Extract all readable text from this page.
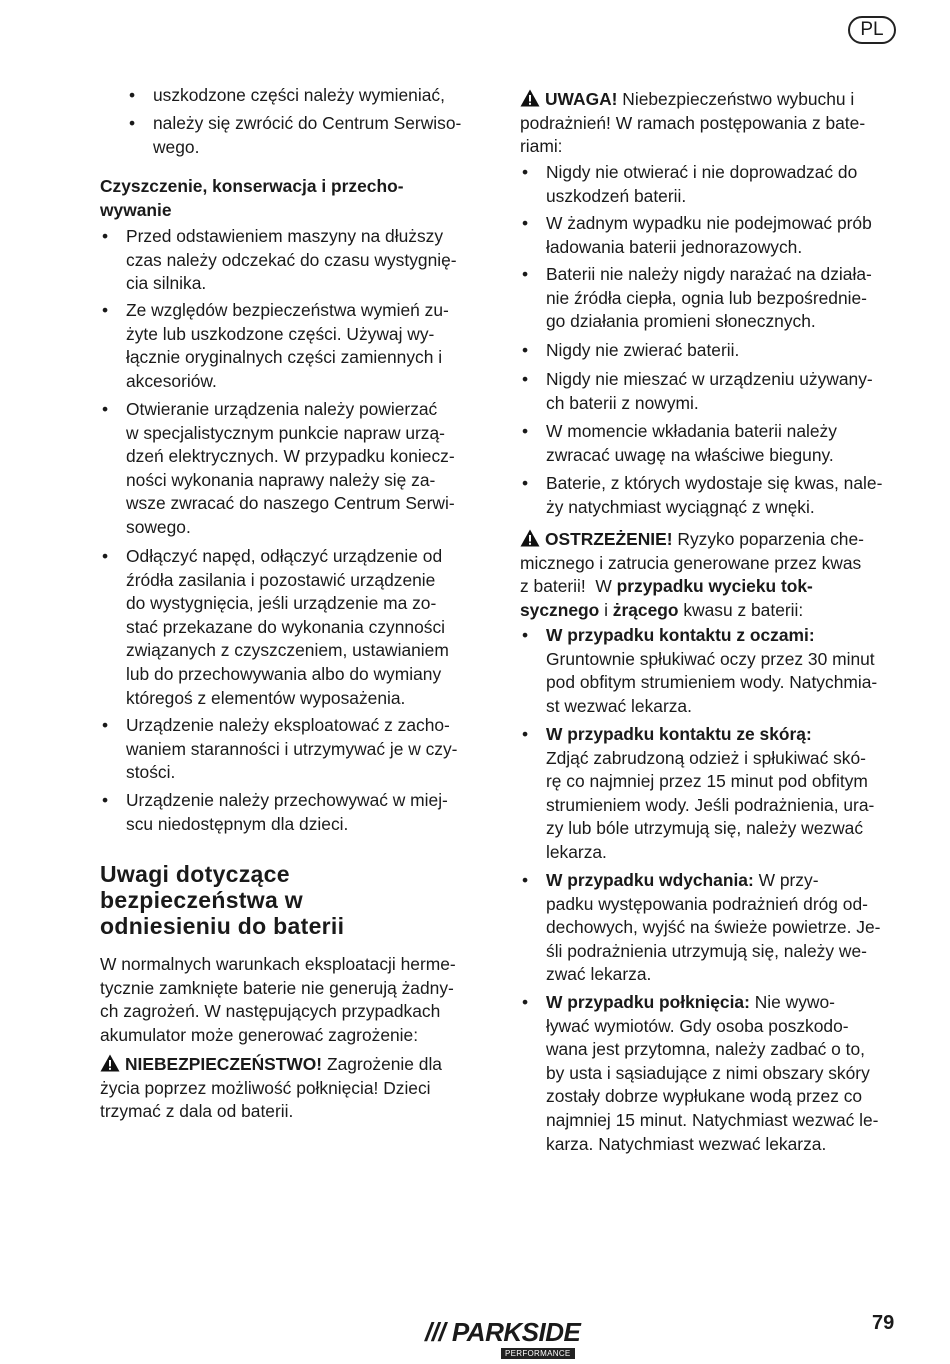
PL
Uwagi dotyczące
bezpieczeństwa w
odniesieniu do baterii
• uszkodzone części należy wymieniać,
• należy się zwrócić do Centrum Serwiso-
wego.
Czyszczenie, konserwacja i przecho-
wywanie
• Przed odstawieniem maszyny na dłuższy
czas należy odczekać do czasu wystygnię-
cia silnika.
• Ze względów bezpieczeństwa wymień zu-
żyte lub uszkodzone części. Używaj wy-
łącznie oryginalnych części zamiennych i
akcesoriów.
• Otwieranie urządzenia należy powierzać
w specjalistycznym punkcie napraw urzą-
dzeń elektrycznych. W przypadku koniecz-
ności wykonania naprawy należy się za-
wsze zwracać do naszego Centrum Serwi-
sowego.
• Odłączyć napęd, odłączyć urządzenie od
źródła zasilania i pozostawić urządzenie
do wystygnięcia, jeśli urządzenie ma zo-
stać przekazane do wykonania czynności
związanych z czyszczeniem, ustawianiem
lub do przechowywania albo do wymiany
któregoś z elementów wyposażenia.
• Urządzenie należy eksploatować z zacho-
waniem staranności i utrzymywać je w czy-
stości.
• Urządzenie należy przechowywać w miej-
scu niedostępnym dla dzieci.
W normalnych warunkach eksploatacji herme-
tycznie zamknięte baterie nie generują żadny-
ch zagrożeń. W następujących przypadkach
akumulator może generować zagrożenie:
NIEBEZPIECZEŃSTWO! Zagrożenie dla
życia poprzez możliwość połknięcia! Dzieci
trzymać z dala od baterii.
UWAGA! Niebezpieczeństwo wybuchu i
podrażnień! W ramach postępowania z bate-
riami:
• Nigdy nie otwierać i nie doprowadzać do
uszkodzeń baterii.
• W żadnym wypadku nie podejmować prób
ładowania baterii jednorazowych.
• Baterii nie należy nigdy narażać na działa-
nie źródła ciepła, ognia lub bezpośrednie-
go działania promieni słonecznych.
• Nigdy nie zwierać baterii.
• Nigdy nie mieszać w urządzeniu używany-
ch baterii z nowymi.
• W momencie wkładania baterii należy
zwracać uwagę na właściwe bieguny.
• Baterie, z których wydostaje się kwas, nale-
ży natychmiast wyciągnąć z wnęki.
OSTRZEŻENIE! Ryzyko poparzenia che-
micznego i zatrucia generowane przez kwas
z baterii!  W przypadku wycieku tok-
sycznego i żrącego kwasu z baterii:
• W przypadku kontaktu z oczami:
Gruntownie spłukiwać oczy przez 30 minut
pod obfitym strumieniem wody. Natychmia-
st wezwać lekarza.
• W przypadku kontaktu ze skórą:
Zdjąć zabrudzoną odzież i spłukiwać skó-
rę co najmniej przez 15 minut pod obfitym
strumieniem wody. Jeśli podrażnienia, ura-
zy lub bóle utrzymują się, należy wezwać
lekarza.
• W przypadku wdychania: W przy-
padku występowania podrażnień dróg od-
dechowych, wyjść na świeże powietrze. Je-
śli podrażnienia utrzymują się, należy we-
zwać lekarza.
• W przypadku połknięcia: Nie wywo-
ływać wymiotów. Gdy osoba poszkodo-
wana jest przytomna, należy zadbać o to,
by usta i sąsiadujące z nimi obszary skóry
zostały dobrze wypłukane wodą przez co
najmniej 15 minut. Natychmiast wezwać le-
karza. Natychmiast wezwać lekarza.
/// PARKSIDE
PERFORMANCE
79
